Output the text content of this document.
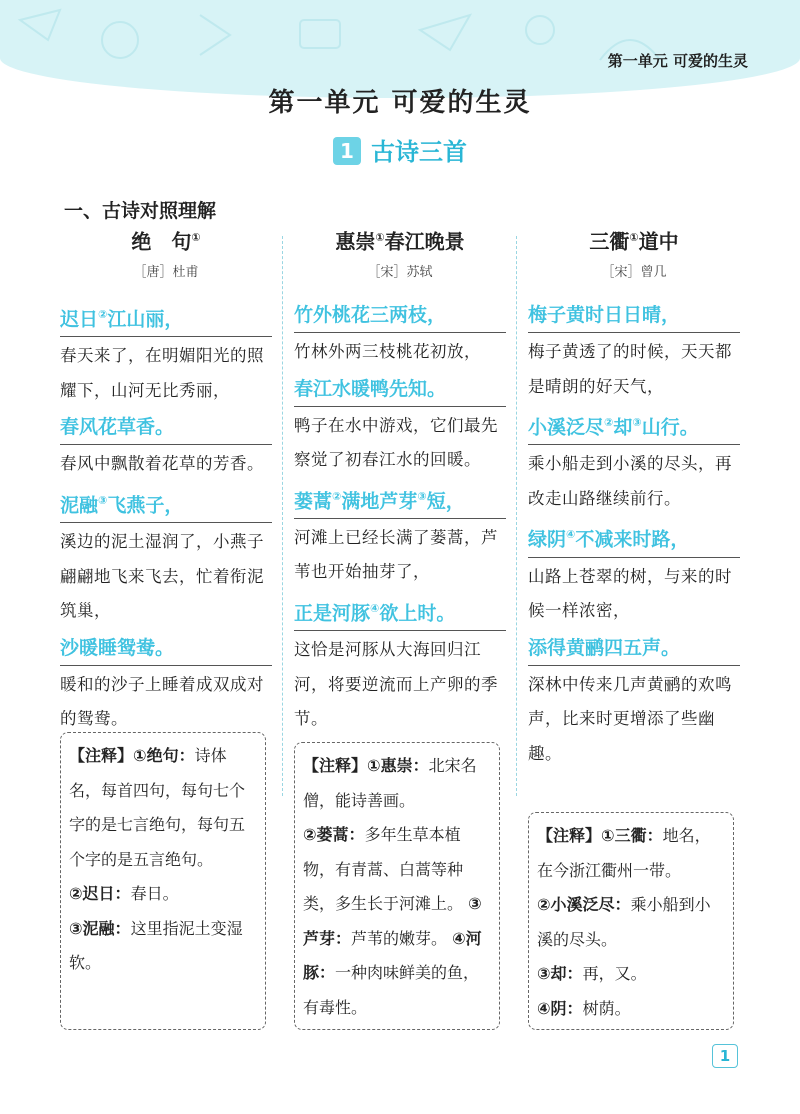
第一单元 可爱的生灵
第一单元 可爱的生灵
1 古诗三首
一、古诗对照理解
绝　句①
［唐］杜甫
迟日②江山丽，
春天来了，在明媚阳光的照耀下，山河无比秀丽，
春风花草香。
春风中飘散着花草的芳香。
泥融③飞燕子，
溪边的泥土湿润了，小燕子翩翩地飞来飞去，忙着衔泥筑巢，
沙暖睡鸳鸯。
暖和的沙子上睡着成双成对的鸳鸯。
惠崇①春江晚景
［宋］苏轼
竹外桃花三两枝，
竹林外两三枝桃花初放，
春江水暖鸭先知。
鸭子在水中游戏，它们最先察觉了初春江水的回暖。
蒌蒿②满地芦芽③短，
河滩上已经长满了蒌蒿，芦苇也开始抽芽了，
正是河豚④欲上时。
这恰是河豚从大海回归江河，将要逆流而上产卵的季节。
三衢①道中
［宋］曾几
梅子黄时日日晴，
梅子黄透了的时候，天天都是晴朗的好天气，
小溪泛尽②却③山行。
乘小船走到小溪的尽头，再改走山路继续前行。
绿阴④不减来时路，
山路上苍翠的树，与来的时候一样浓密，
添得黄鹂四五声。
深林中传来几声黄鹂的欢鸣声，比来时更增添了些幽趣。
【注释】①绝句：诗体名，每首四句，每句七个字的是七言绝句，每句五个字的是五言绝句。
②迟日：春日。
③泥融：这里指泥土变湿软。
【注释】①惠崇：北宋名僧，能诗善画。
②蒌蒿：多年生草本植物，有青蒿、白蒿等种类，多生长于河滩上。 ③芦芽：芦苇的嫩芽。 ④河豚：一种肉味鲜美的鱼，有毒性。
【注释】①三衢：地名，在今浙江衢州一带。
②小溪泛尽：乘小船到小溪的尽头。
③却：再，又。
④阴：树荫。
1
